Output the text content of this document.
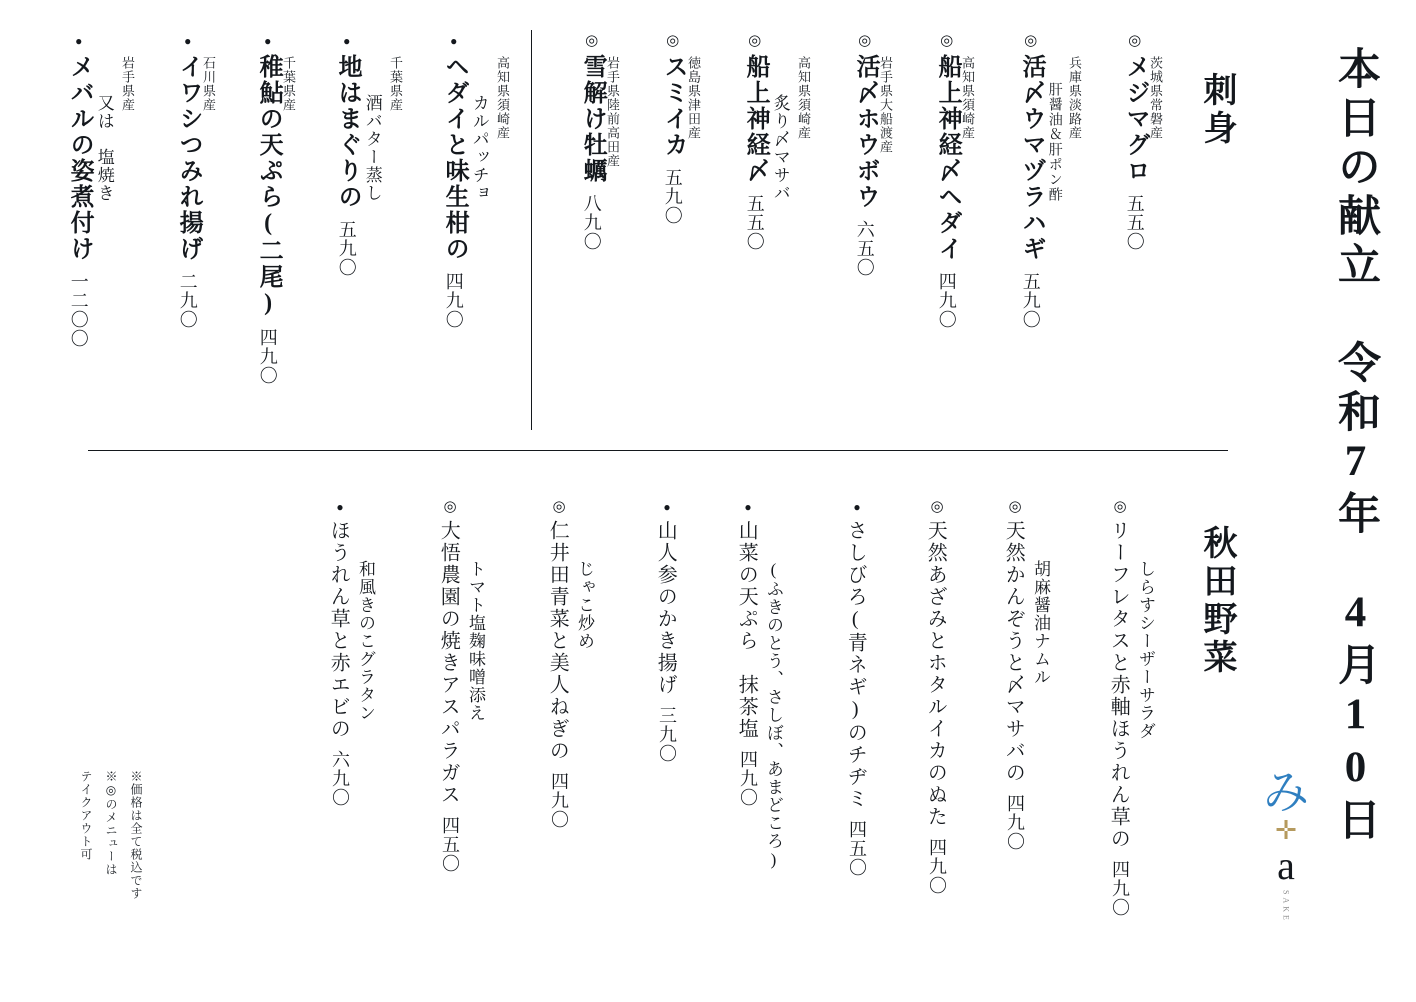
本日の献立　令和7年　4月10日
み
✛
a
SAKE
刺身
◎
メジマグロ
五五〇
茨城県常磐産
◎
活〆ウマヅラハギ
五九〇
肝醤油＆肝ポン酢 兵庫県淡路産
◎
船上神経〆ヘダイ
四九〇
高知県須崎産
◎
活〆ホウボウ
六五〇
岩手県大船渡産
◎
船上神経〆
五五〇
炙り〆マサバ 高知県須崎産
◎
スミイカ
五九〇
徳島県津田産
◎
雪解け牡蠣
八九〇
岩手県陸前高田産
●
ヘダイと味生柑の
四九〇
カルパッチョ 高知県須崎産
●
地はまぐりの
五九〇
酒バター蒸し
千葉県産
●
稚鮎の天ぷら(二尾)
四九〇
千葉県産
●
イワシつみれ揚げ
二九〇
石川県産
●
メバルの姿煮付け
一二〇〇
又は　塩焼き
岩手県産
秋田野菜
◎
リーフレタスと赤軸ほうれん草の
四九〇
しらすシーザーサラダ
◎
天然かんぞうと〆マサバの
四九〇
胡麻醤油ナムル
◎
天然あざみとホタルイカのぬた
四九〇
●
さしびろ(青ネギ)のチヂミ
四五〇
●
山菜の天ぷら　抹茶塩
四九〇 (ふきのとう、さしぼ、あまどころ)
●
山人参のかき揚げ
三九〇
◎
仁井田青菜と美人ねぎの
四九〇
じゃこ炒め
◎
大悟農園の焼きアスパラガス
四五〇
トマト塩麹味噌添え
●
ほうれん草と赤エビの
六九〇
和風きのこグラタン
テイクアウト可 ※◎のメニューは ※価格は全て税込です
